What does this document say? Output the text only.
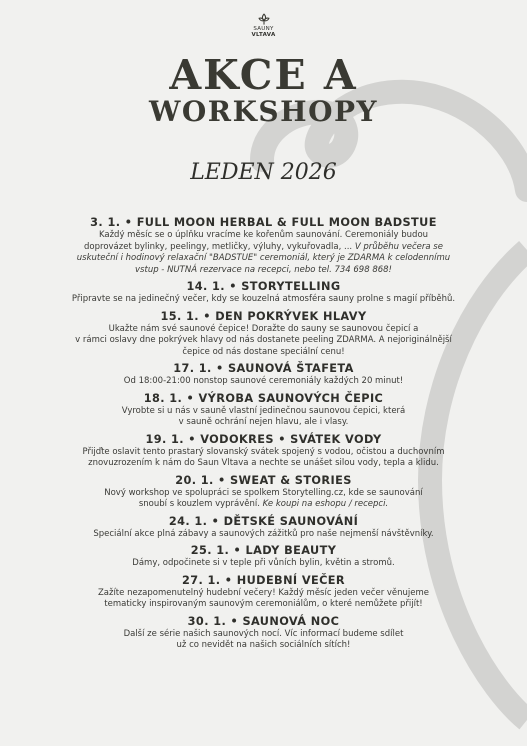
SAUNY
VLTAVA
AKCE A
WORKSHOPY
LEDEN 2026
3. 1. • FULL MOON HERBAL & FULL MOON BADSTUE
Každý měsíc se o úplňku vracíme ke kořenům saunování. Ceremoniály budou
doprovázet bylinky, peelingy, metličky, výluhy, vykuřovadla, ... V průběhu večera se
uskuteční i hodinový relaxační "BADSTUE" ceremoniál, který je ZDARMA k celodennímu
vstup - NUTNÁ rezervace na recepci, nebo tel. 734 698 868!
14. 1. • STORYTELLING
Připravte se na jedinečný večer, kdy se kouzelná atmosféra sauny prolne s magií příběhů.
15. 1. • DEN POKRÝVEK HLAVY
Ukažte nám své saunové čepice! Doražte do sauny se saunovou čepicí a
v rámci oslavy dne pokrývek hlavy od nás dostanete peeling ZDARMA. A nejoriginálnější
čepice od nás dostane speciální cenu!
17. 1. • SAUNOVÁ ŠTAFETA
Od 18:00-21:00 nonstop saunové ceremoniály každých 20 minut!
18. 1. • VÝROBA SAUNOVÝCH ČEPIC
Vyrobte si u nás v sauně vlastní jedinečnou saunovou čepici, která
v sauně ochrání nejen hlavu, ale i vlasy.
19. 1. • VODOKRES • SVÁTEK VODY
Přijďte oslavit tento prastarý slovanský svátek spojený s vodou, očistou a duchovním
znovuzrozením k nám do Saun Vltava a nechte se unášet silou vody, tepla a klidu.
20. 1. • SWEAT & STORIES
Nový workshop ve spolupráci se spolkem Storytelling.cz, kde se saunování
snoubí s kouzlem vyprávění. Ke koupi na eshopu / recepci.
24. 1. • DĚTSKÉ SAUNOVÁNÍ
Speciální akce plná zábavy a saunových zážitků pro naše nejmenší návštěvníky.
25. 1. • LADY BEAUTY
Dámy, odpočinete si v teple při vůních bylin, květin a stromů.
27. 1. • HUDEBNÍ VEČER
Zažíte nezapomenutelný hudební večery! Každý měsíc jeden večer věnujeme
tematicky inspirovaným saunovým ceremoniálům, o které nemůžete přijít!
30. 1. • SAUNOVÁ NOC
Další ze série našich saunových nocí. Víc informací budeme sdílet
už co nevidět na našich sociálních sítích!
